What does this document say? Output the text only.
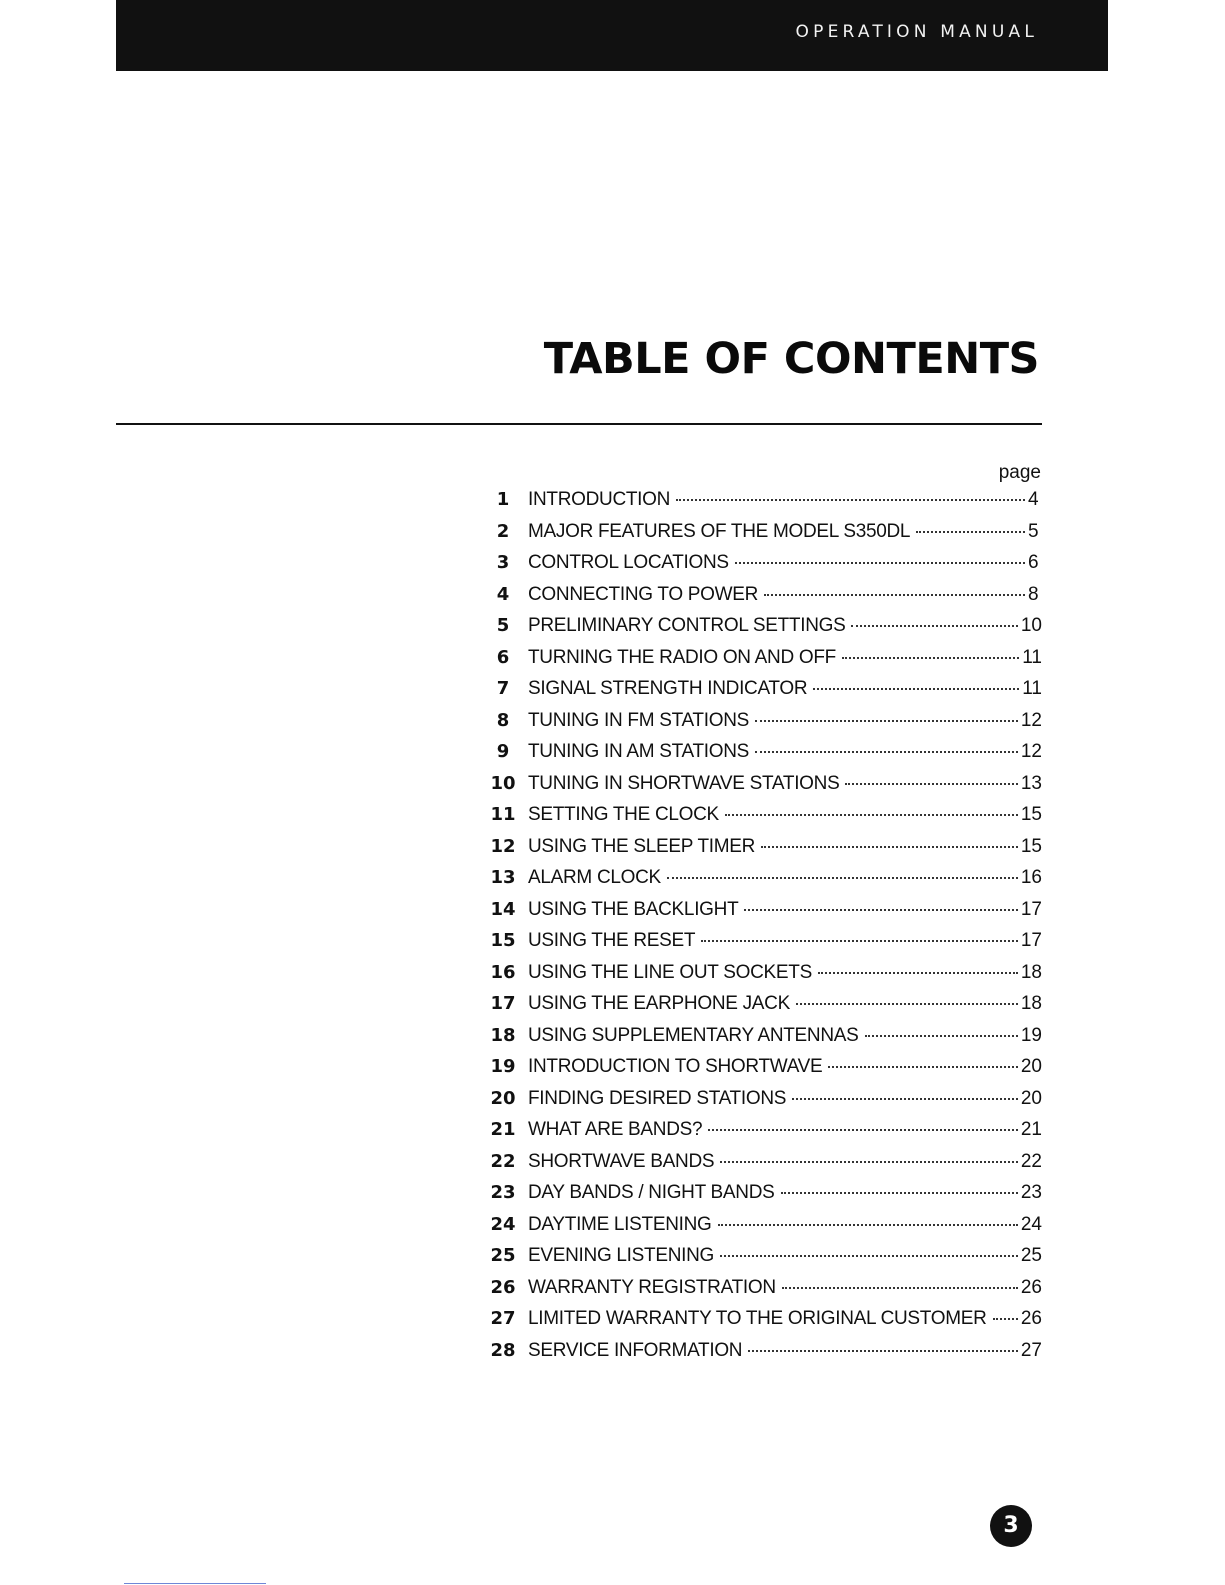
OPERATION MANUAL
TABLE OF CONTENTS
page
1 INTRODUCTION	4
2 MAJOR FEATURES OF THE MODEL S350DL	5
3 CONTROL LOCATIONS	6
4 CONNECTING TO POWER	8
5 PRELIMINARY CONTROL SETTINGS	10
6 TURNING THE RADIO ON AND OFF	11
7 SIGNAL STRENGTH INDICATOR	11
8 TUNING IN FM STATIONS	12
9 TUNING IN AM STATIONS	12
10 TUNING IN SHORTWAVE STATIONS	13
11 SETTING THE CLOCK	15
12 USING THE SLEEP TIMER	15
13 ALARM CLOCK	16
14 USING THE BACKLIGHT	17
15 USING THE RESET	17
16 USING THE LINE OUT SOCKETS	18
17 USING THE EARPHONE JACK	18
18 USING SUPPLEMENTARY ANTENNAS	19
19 INTRODUCTION TO SHORTWAVE	20
20 FINDING DESIRED STATIONS	20
21 WHAT ARE BANDS?	21
22 SHORTWAVE BANDS	22
23 DAY BANDS / NIGHT BANDS	23
24 DAYTIME LISTENING	24
25 EVENING LISTENING	25
26 WARRANTY REGISTRATION	26
27 LIMITED WARRANTY TO THE ORIGINAL CUSTOMER 26
28 SERVICE INFORMATION	27
3
